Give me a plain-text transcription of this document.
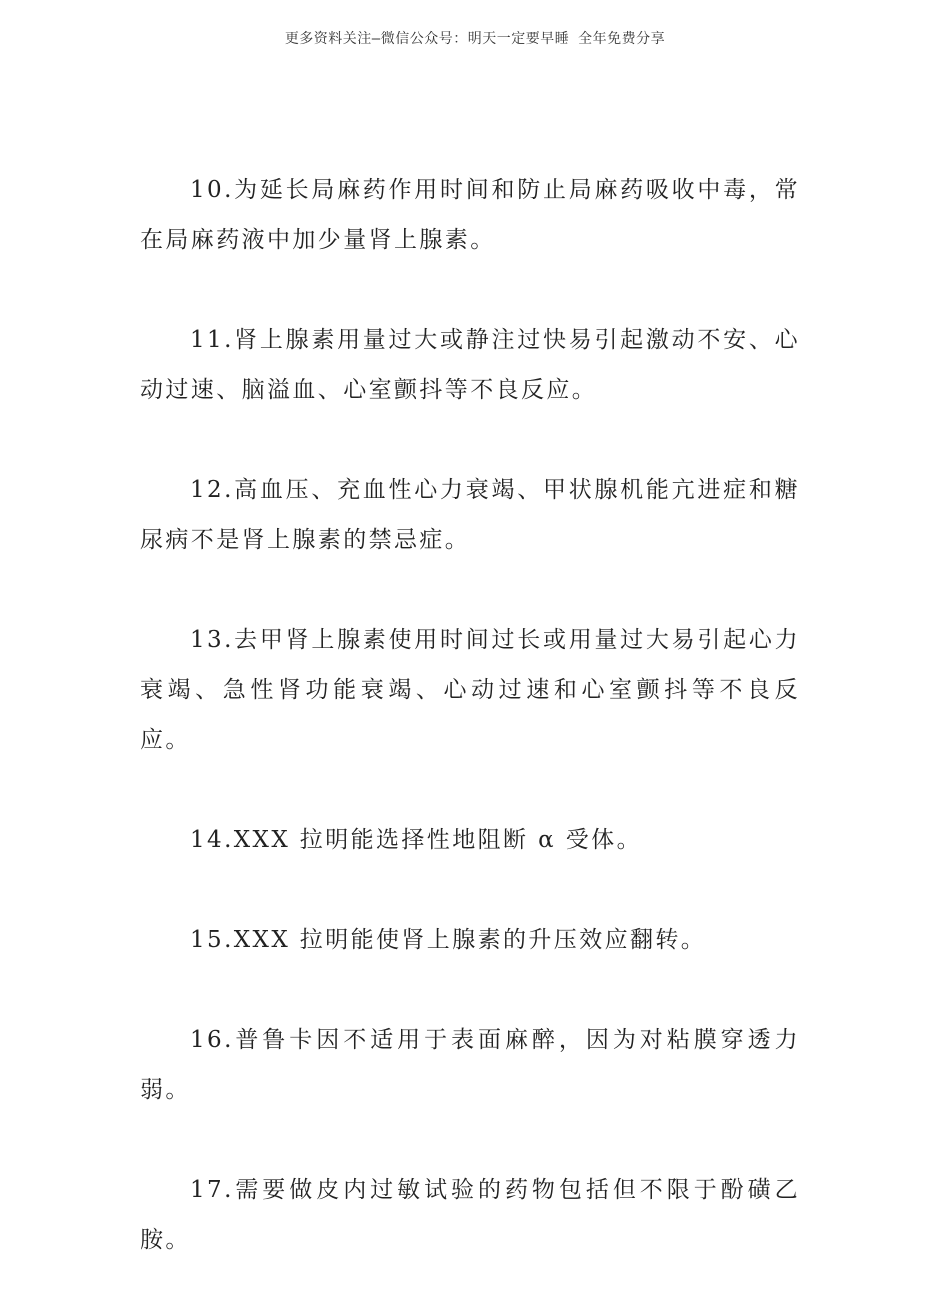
更多资料关注—微信公众号：明天一定要早睡 全年免费分享

10.为延长局麻药作用时间和防止局麻药吸收中毒，常在局麻药液中加少量肾上腺素。

11.肾上腺素用量过大或静注过快易引起激动不安、心动过速、脑溢血、心室颤抖等不良反应。

12.高血压、充血性心力衰竭、甲状腺机能亢进症和糖尿病不是肾上腺素的禁忌症。

13.去甲肾上腺素使用时间过长或用量过大易引起心力衰竭、急性肾功能衰竭、心动过速和心室颤抖等不良反应。

14.XXX 拉明能选择性地阻断 α 受体。

15.XXX 拉明能使肾上腺素的升压效应翻转。

16.普鲁卡因不适用于表面麻醉，因为对粘膜穿透力弱。

17.需要做皮内过敏试验的药物包括但不限于酚磺乙胺。
